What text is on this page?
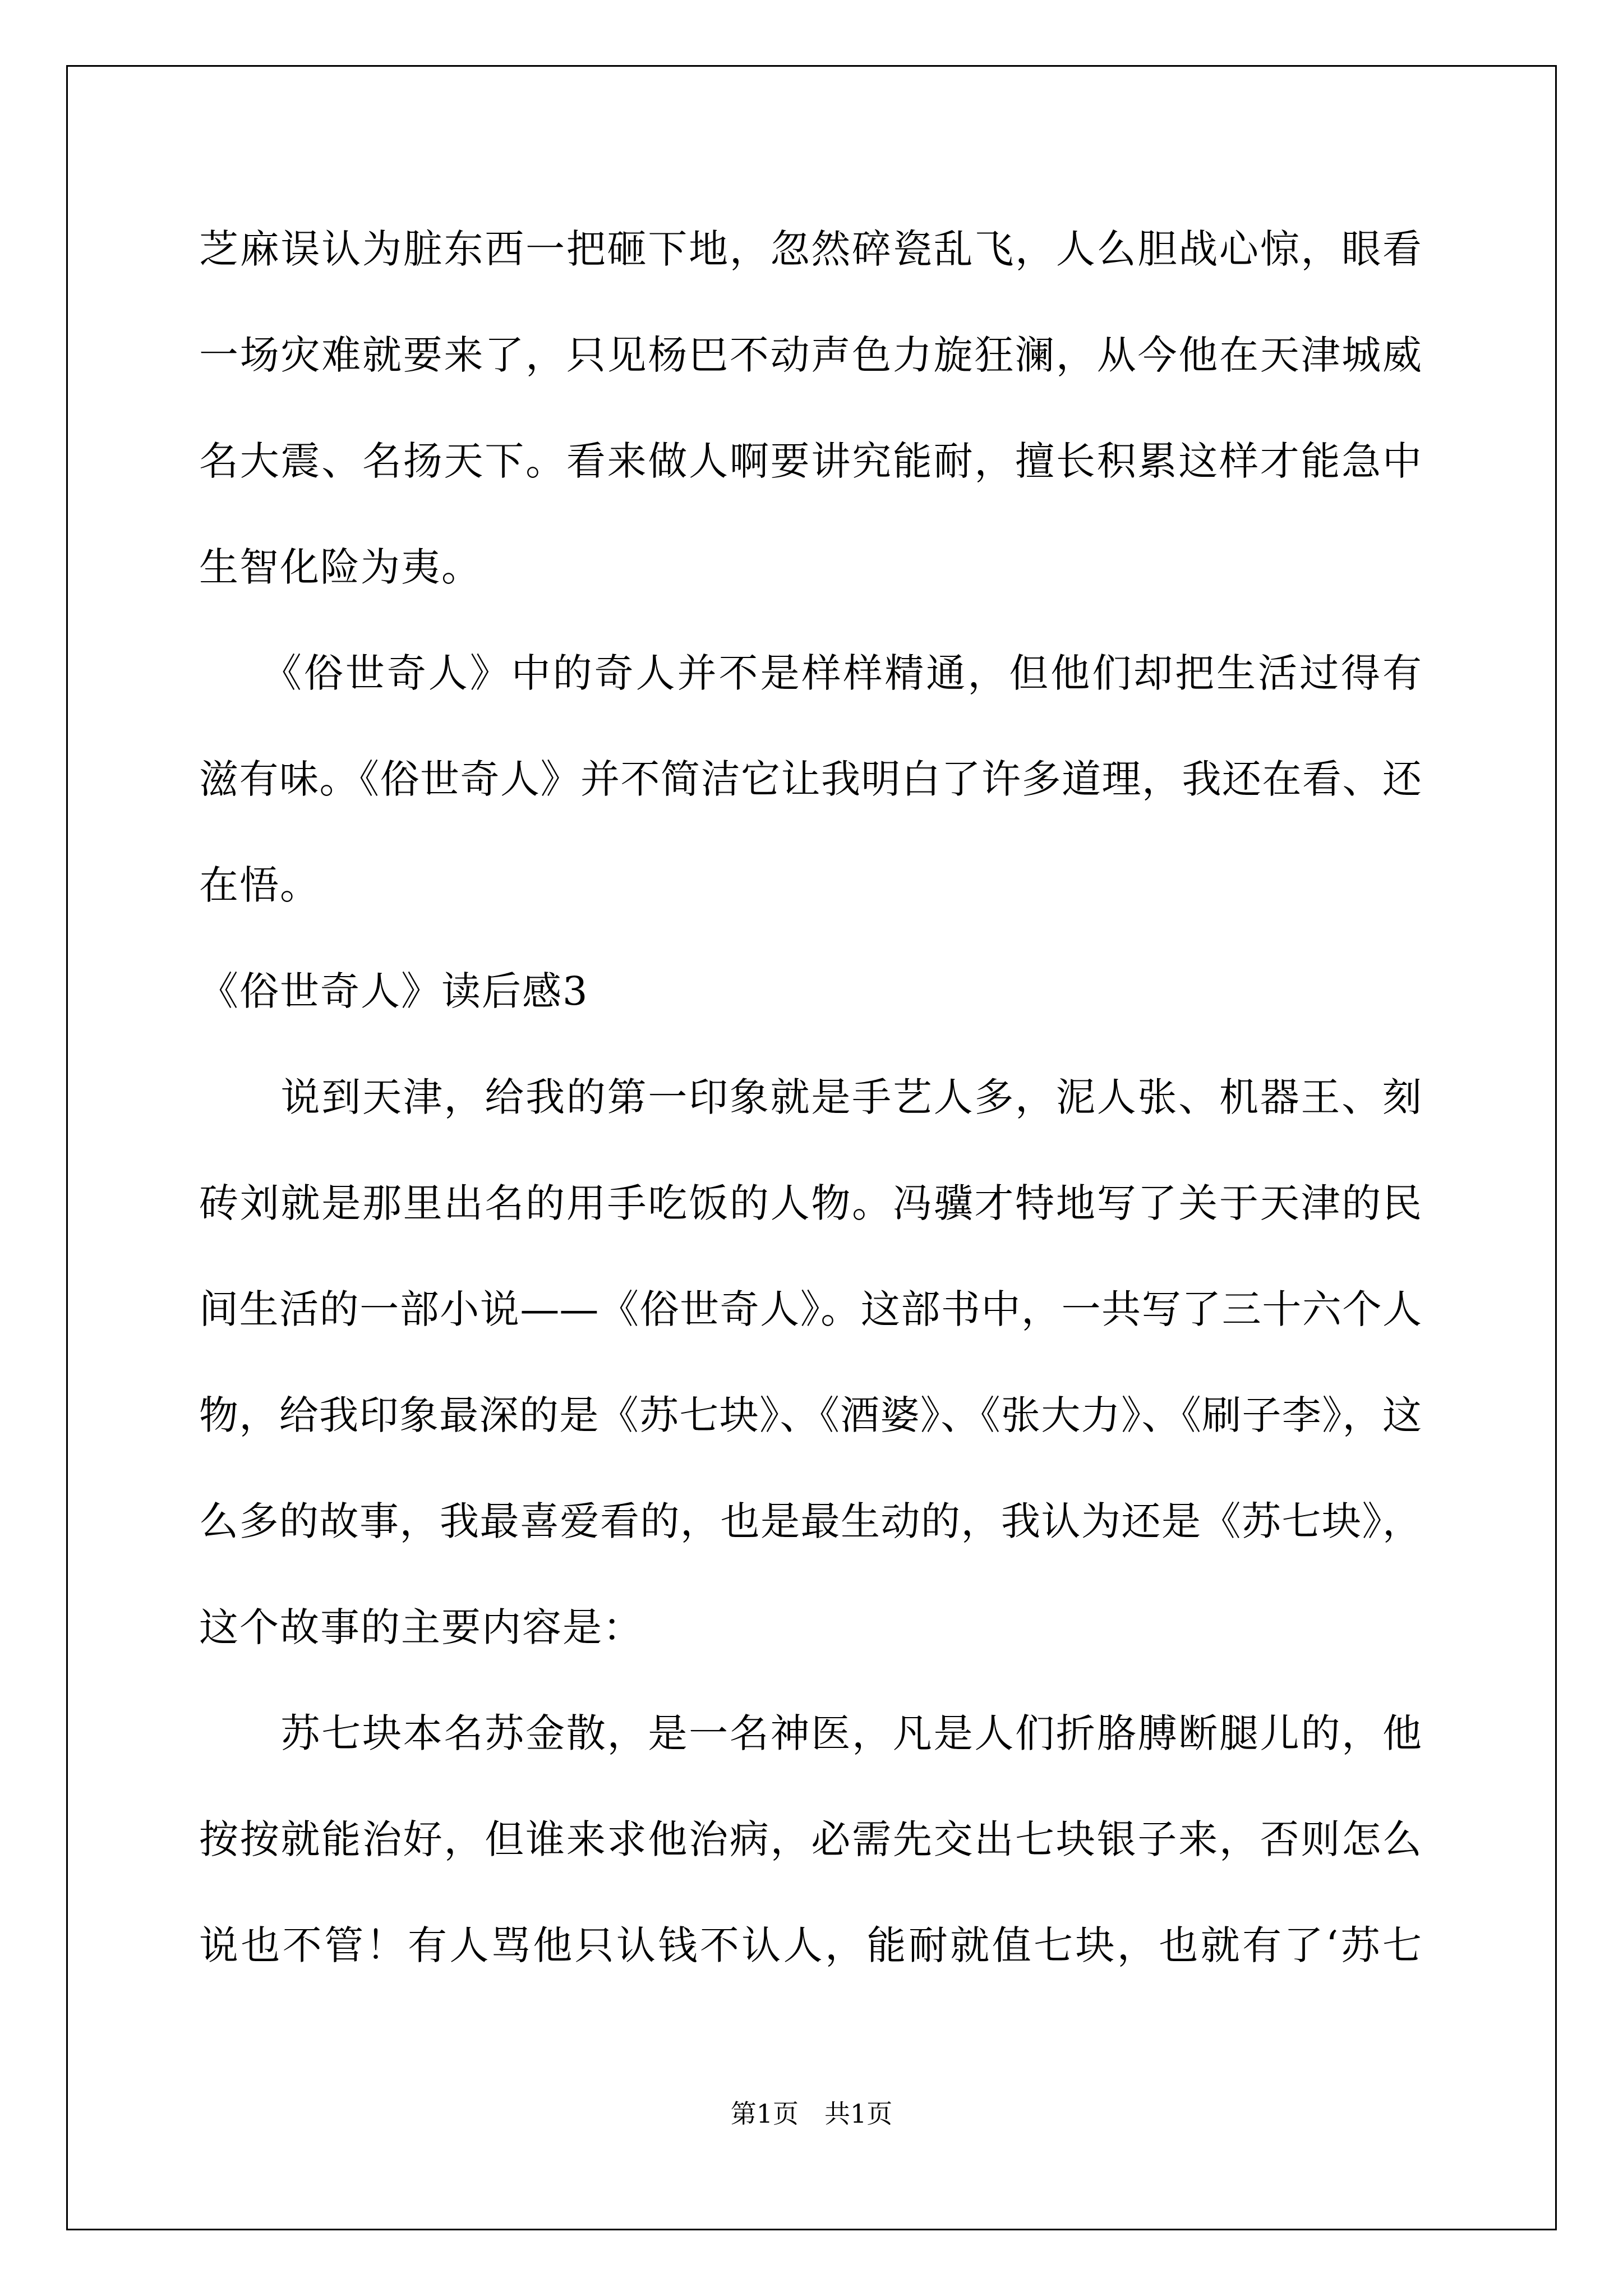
芝麻误认为脏东西一把砸下地，忽然碎瓷乱飞，人么胆战心惊，眼看
一场灾难就要来了，只见杨巴不动声色力旋狂澜，从今他在天津城威
名大震、名扬天下。看来做人啊要讲究能耐，擅长积累这样才能急中
生智化险为夷。
　　《俗世奇人》中的奇人并不是样样精通，但他们却把生活过得有
滋有味。《俗世奇人》并不简洁它让我明白了许多道理，我还在看、还
在悟。
《俗世奇人》读后感3
　　说到天津，给我的第一印象就是手艺人多，泥人张、机器王、刻
砖刘就是那里出名的用手吃饭的人物。冯骥才特地写了关于天津的民
间生活的一部小说——《俗世奇人》。这部书中，一共写了三十六个人
物，给我印象最深的是《苏七块》、《酒婆》、《张大力》、《刷子李》，这
么多的故事，我最喜爱看的，也是最生动的，我认为还是《苏七块》，
这个故事的主要内容是：
　　苏七块本名苏金散，是一名神医，凡是人们折胳膊断腿儿的，他
按按就能治好，但谁来求他治病，必需先交出七块银子来，否则怎么
说也不管！有人骂他只认钱不认人，能耐就值七块，也就有了‘苏七
第1页　共1页
